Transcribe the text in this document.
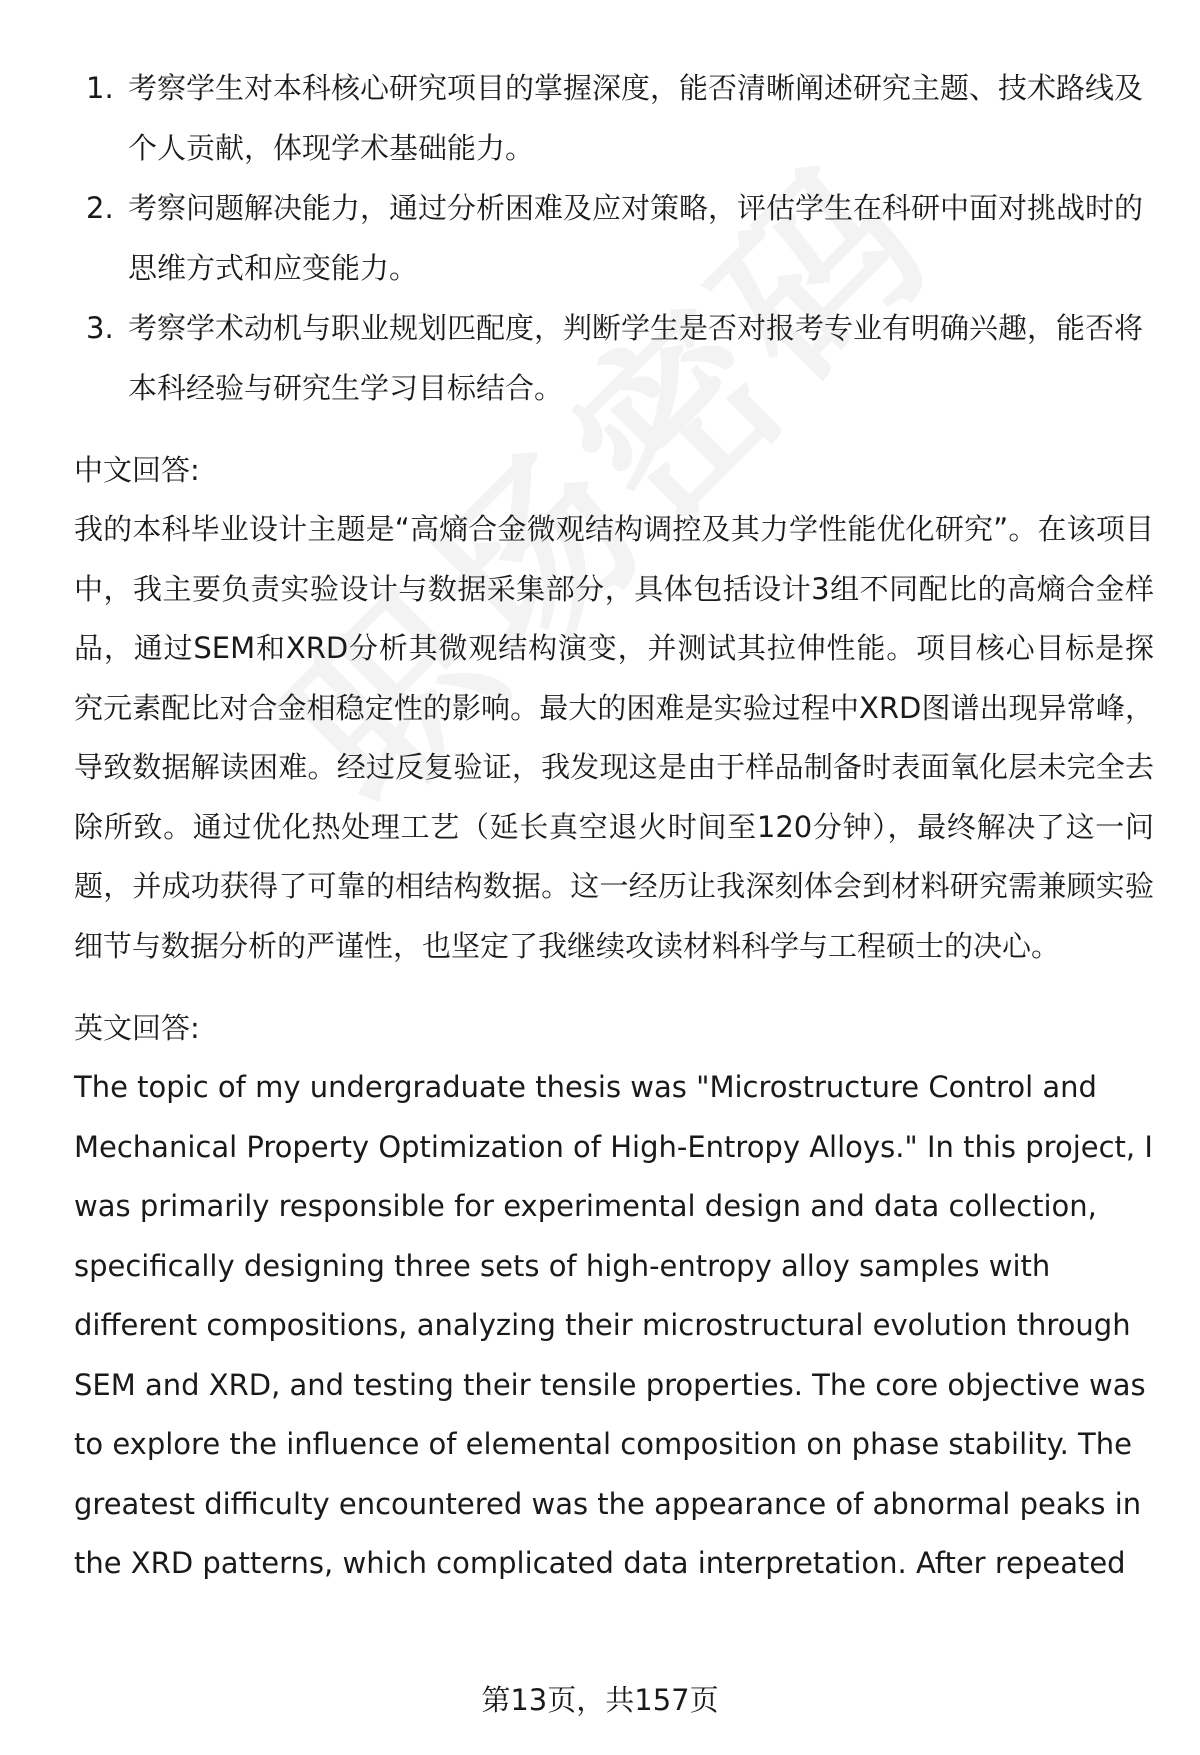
1. 考察学生对本科核心研究项目的掌握深度，能否清晰阐述研究主题、技术路线及个人贡献，体现学术基础能力。
2. 考察问题解决能力，通过分析困难及应对策略，评估学生在科研中面对挑战时的思维方式和应变能力。
3. 考察学术动机与职业规划匹配度，判断学生是否对报考专业有明确兴趣，能否将本科经验与研究生学习目标结合。
中文回答:

我的本科毕业设计主题是“高熵合金微观结构调控及其力学性能优化研究”。在该项目中，我主要负责实验设计与数据采集部分，具体包括设计3组不同配比的高熵合金样品，通过SEM和XRD分析其微观结构演变，并测试其拉伸性能。项目核心目标是探究元素配比对合金相稳定性的影响。最大的困难是实验过程中XRD图谱出现异常峰，导致数据解读困难。经过反复验证，我发现这是由于样品制备时表面氧化层未完全去除所致。通过优化热处理工艺（延长真空退火时间至120分钟），最终解决了这一问题，并成功获得了可靠的相结构数据。这一经历让我深刻体会到材料研究需兼顾实验细节与数据分析的严谨性，也坚定了我继续攻读材料科学与工程硕士的决心。

英文回答:

The topic of my undergraduate thesis was "Microstructure Control and Mechanical Property Optimization of High-Entropy Alloys." In this project, I was primarily responsible for experimental design and data collection, specifically designing three sets of high-entropy alloy samples with different compositions, analyzing their microstructural evolution through SEM and XRD, and testing their tensile properties. The core objective was to explore the influence of elemental composition on phase stability. The greatest difficulty encountered was the appearance of abnormal peaks in the XRD patterns, which complicated data interpretation. After repeated

第13页，共157页
